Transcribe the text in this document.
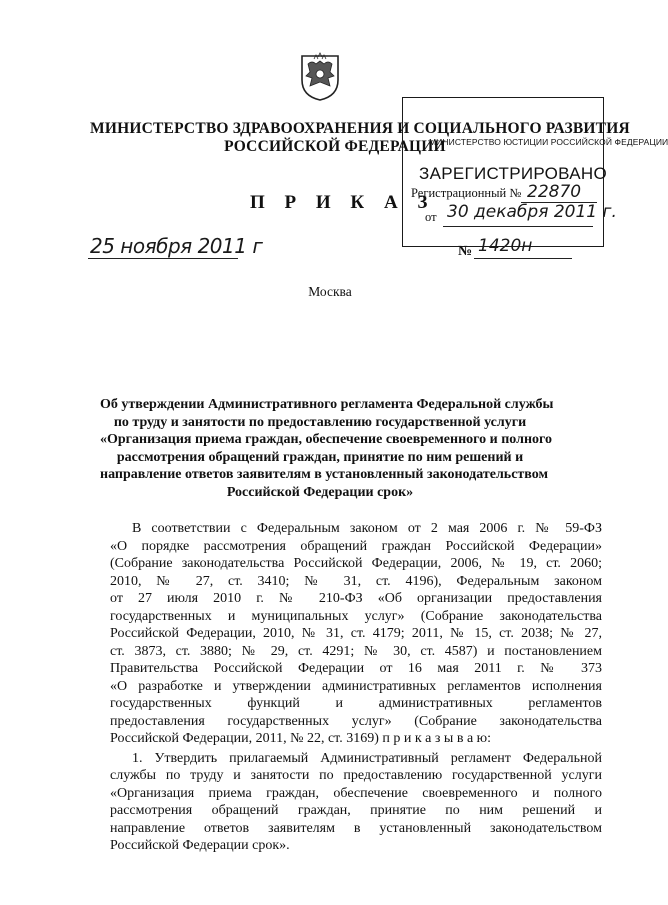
МИНИСТЕРСТВО ЗДРАВООХРАНЕНИЯ И СОЦИАЛЬНОГО РАЗВИТИЯ
РОССИЙСКОЙ ФЕДЕРАЦИИ
П Р И К А З
25 ноября 2011 г
МИНИСТЕРСТВО ЮСТИЦИИ РОССИЙСКОЙ ФЕДЕРАЦИИ
ЗАРЕГИСТРИРОВАНО
Регистрационный № 22870
от 30 декабря 2011 г.
№ 1420н
Москва
Об утверждении Административного регламента Федеральной службы
по труду и занятости по предоставлению государственной услуги
«Организация приема граждан, обеспечение своевременного и полного
рассмотрения обращений граждан, принятие по ним решений и
направление ответов заявителям в установленный законодательством
Российской Федерации срок»
В соответствии с Федеральным законом от 2 мая 2006 г. № 59-ФЗ
«О порядке рассмотрения обращений граждан Российской Федерации»
(Собрание законодательства Российской Федерации, 2006, № 19, ст. 2060;
2010, № 27, ст. 3410; № 31, ст. 4196), Федеральным законом
от 27 июля 2010 г. № 210-ФЗ «Об организации предоставления
государственных и муниципальных услуг» (Собрание законодательства
Российской Федерации, 2010, № 31, ст. 4179; 2011, № 15, ст. 2038; № 27,
ст. 3873, ст. 3880; № 29, ст. 4291; № 30, ст. 4587) и постановлением
Правительства Российской Федерации от 16 мая 2011 г. № 373
«О разработке и утверждении административных регламентов исполнения
государственных функций и административных регламентов
предоставления государственных услуг» (Собрание законодательства
Российской Федерации, 2011, № 22, ст. 3169) п р и к а з ы в а ю:
1. Утвердить прилагаемый Административный регламент Федеральной
службы по труду и занятости по предоставлению государственной услуги
«Организация приема граждан, обеспечение своевременного и полного
рассмотрения обращений граждан, принятие по ним решений и
направление ответов заявителям в установленный законодательством
Российской Федерации срок».
